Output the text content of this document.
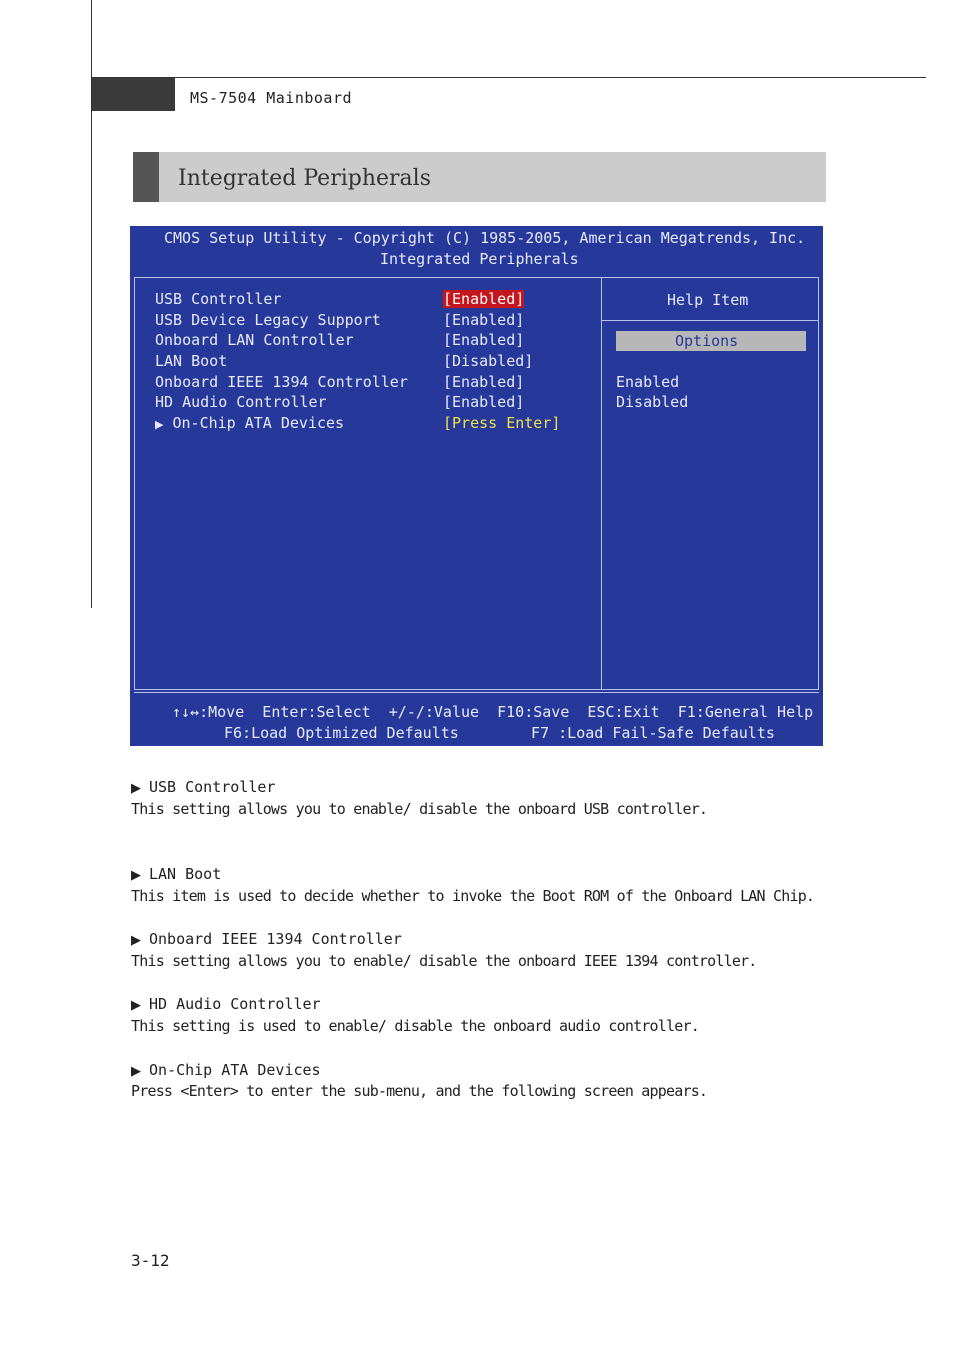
MS-7504 Mainboard
Integrated Peripherals
CMOS Setup Utility - Copyright (C) 1985-2005, American Megatrends, Inc.
Integrated Peripherals
USB Controller	[Enabled]
USB Device Legacy Support	[Enabled]
Onboard LAN Controller	[Enabled]
LAN Boot	[Disabled]
Onboard IEEE 1394 Controller [Enabled]
HD Audio Controller	[Enabled]
▶ On-Chip ATA Devices	[Press Enter]
Help Item
Options
Enabled
Disabled
↑↓↔:Move  Enter:Select  +/-/:Value  F10:Save  ESC:Exit  F1:General Help
F6:Load Optimized Defaults        F7 :Load Fail-Safe Defaults
▶ USB Controller
This setting allows you to enable/ disable the onboard USB controller.
▶ LAN Boot
This item is used to decide whether to invoke the Boot ROM of the Onboard LAN Chip.
▶ Onboard IEEE 1394 Controller
This setting allows you to enable/ disable the onboard IEEE 1394 controller.
▶ HD Audio Controller
This setting is used to enable/ disable the onboard audio controller.
▶ On-Chip ATA Devices
Press <Enter> to enter the sub-menu, and the following screen appears.
3-12
